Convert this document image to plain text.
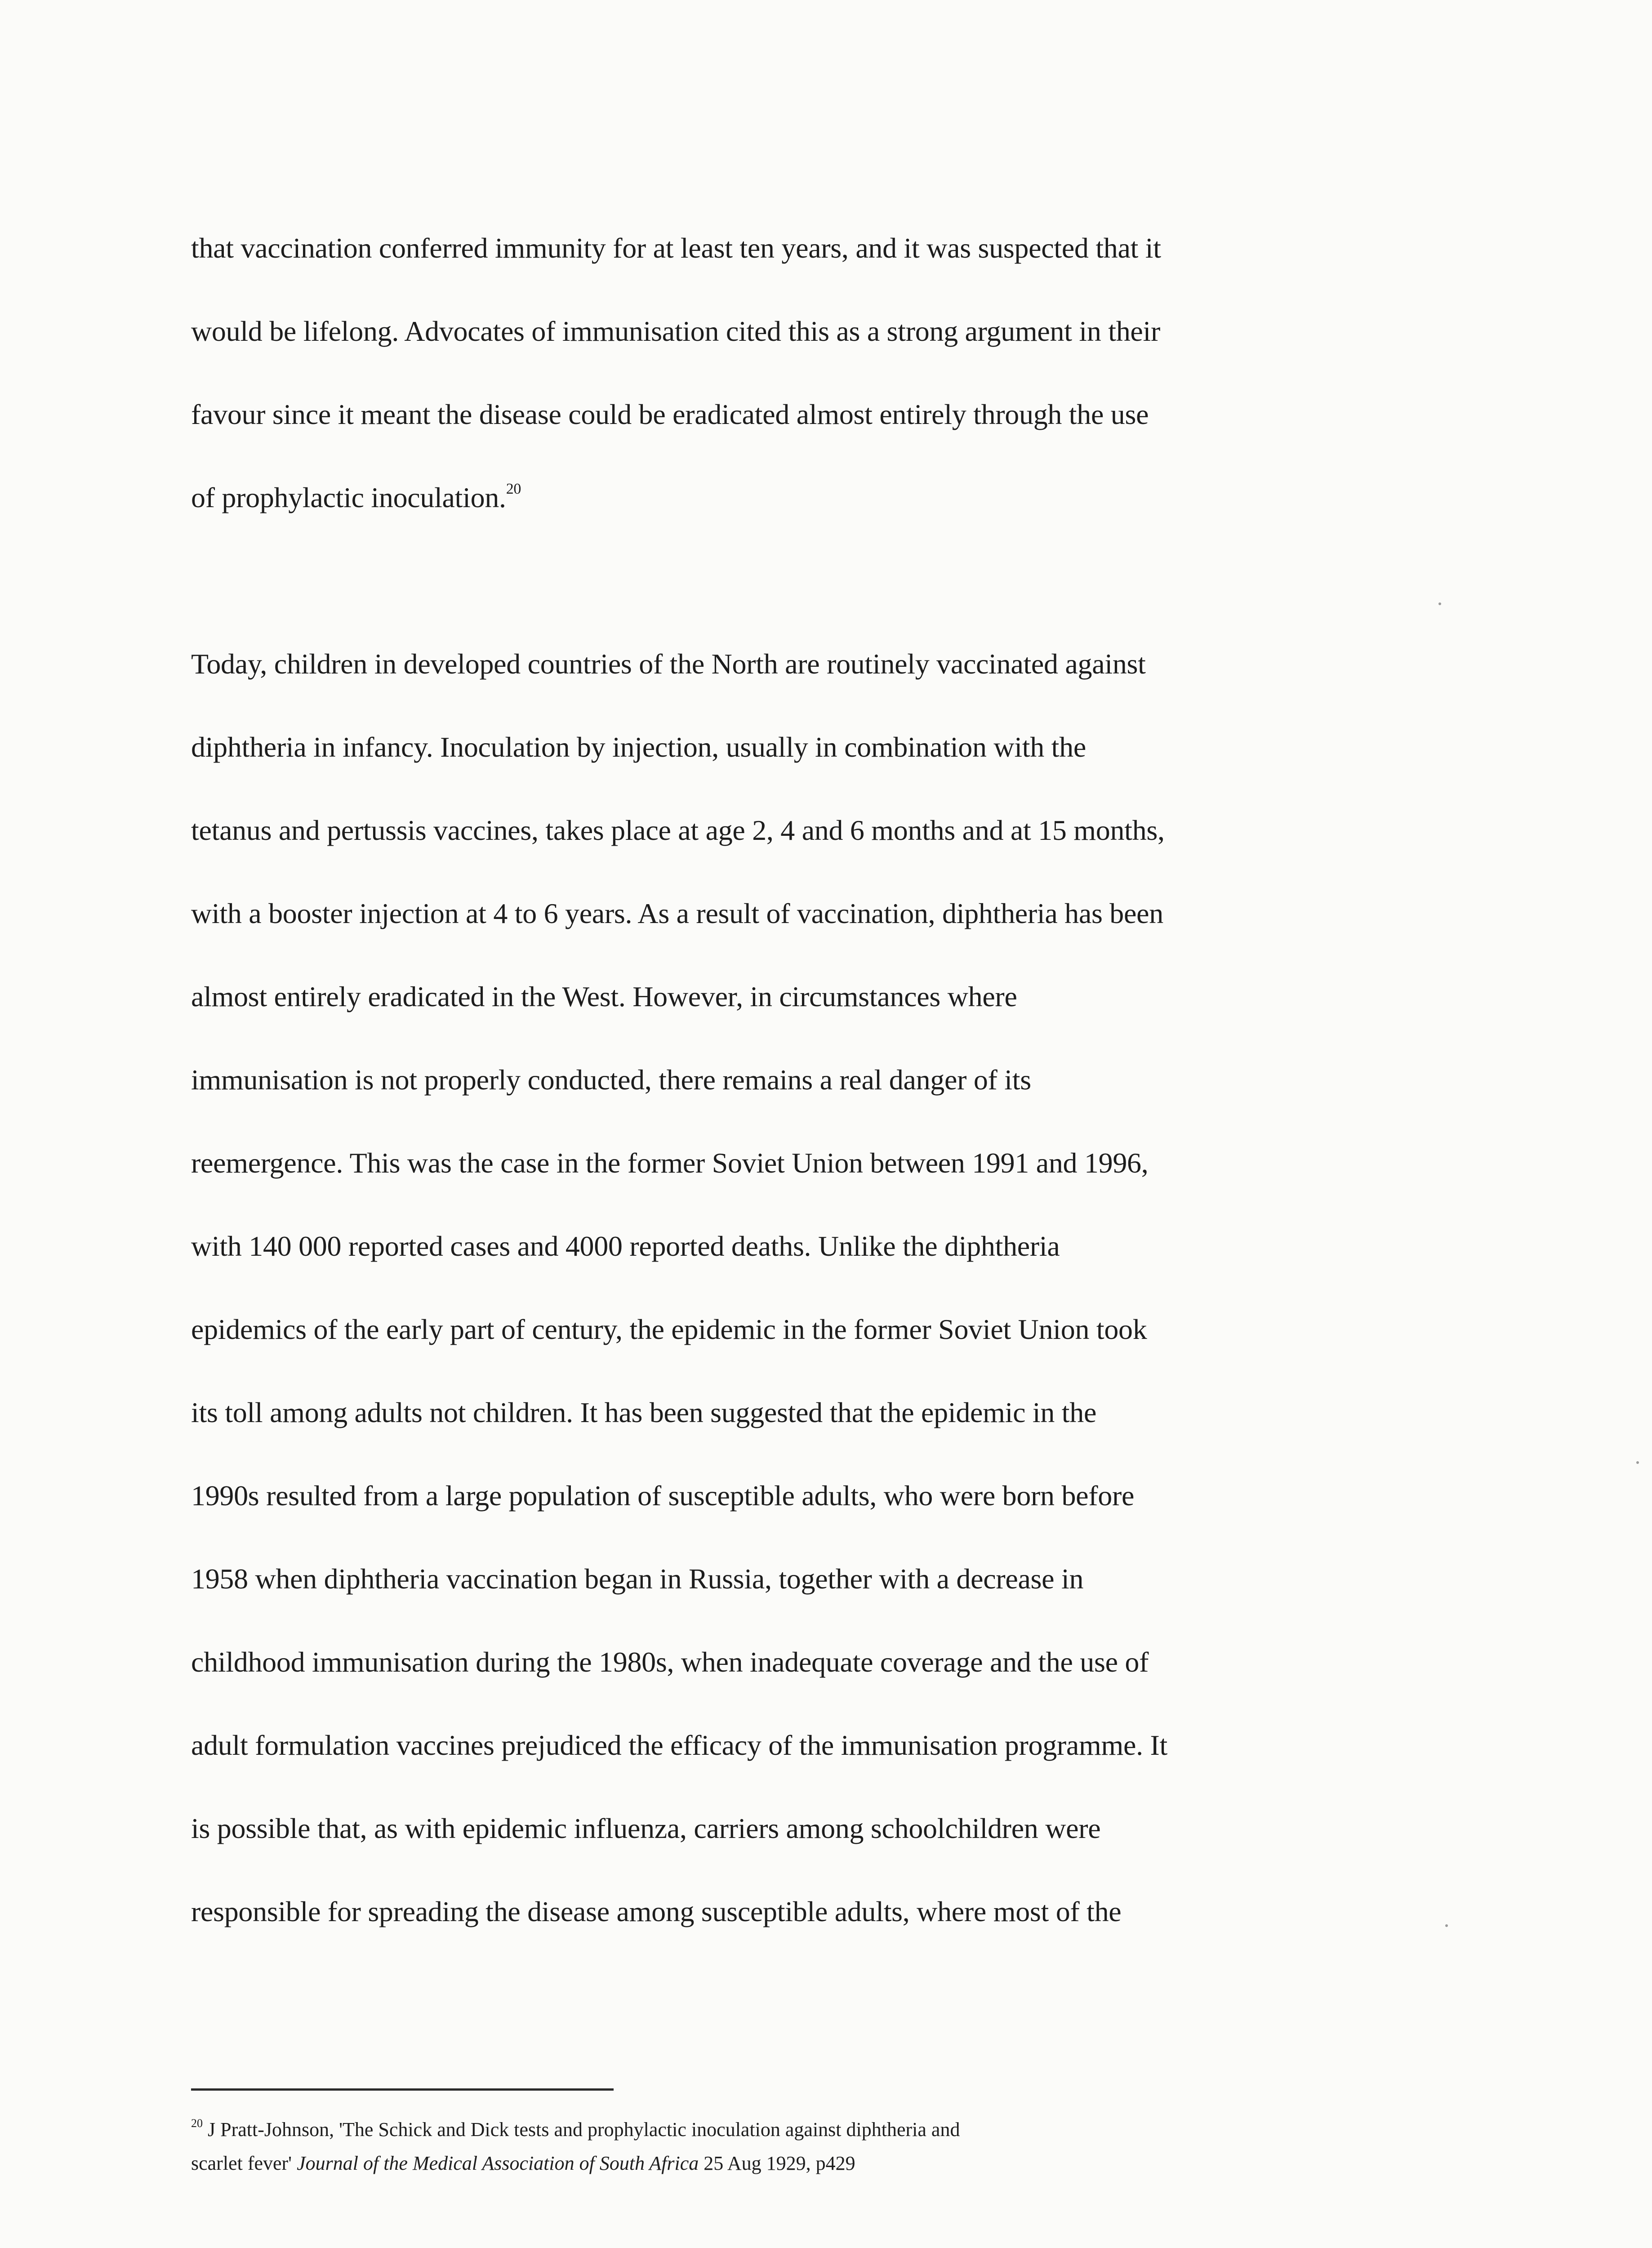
that vaccination conferred immunity for at least ten years, and it was suspected that it
would be lifelong. Advocates of immunisation cited this as a strong argument in their
favour since it meant the disease could be eradicated almost entirely through the use
of prophylactic inoculation.$^{20}$
Today, children in developed countries of the North are routinely vaccinated against
diphtheria in infancy. Inoculation by injection, usually in combination with the
tetanus and pertussis vaccines, takes place at age 2, 4 and 6 months and at 15 months,
with a booster injection at 4 to 6 years. As a result of vaccination, diphtheria has been
almost entirely eradicated in the West. However, in circumstances where
immunisation is not properly conducted, there remains a real danger of its
reemergence. This was the case in the former Soviet Union between 1991 and 1996,
with 140 000 reported cases and 4000 reported deaths. Unlike the diphtheria
epidemics of the early part of century, the epidemic in the former Soviet Union took
its toll among adults not children. It has been suggested that the epidemic in the
1990s resulted from a large population of susceptible adults, who were born before
1958 when diphtheria vaccination began in Russia, together with a decrease in
childhood immunisation during the 1980s, when inadequate coverage and the use of
adult formulation vaccines prejudiced the efficacy of the immunisation programme. It
is possible that, as with epidemic influenza, carriers among schoolchildren were
responsible for spreading the disease among susceptible adults, where most of the
$^{20}$ J Pratt-Johnson, 'The Schick and Dick tests and prophylactic inoculation against diphtheria and
scarlet fever' Journal of the Medical Association of South Africa 25 Aug 1929, p429
